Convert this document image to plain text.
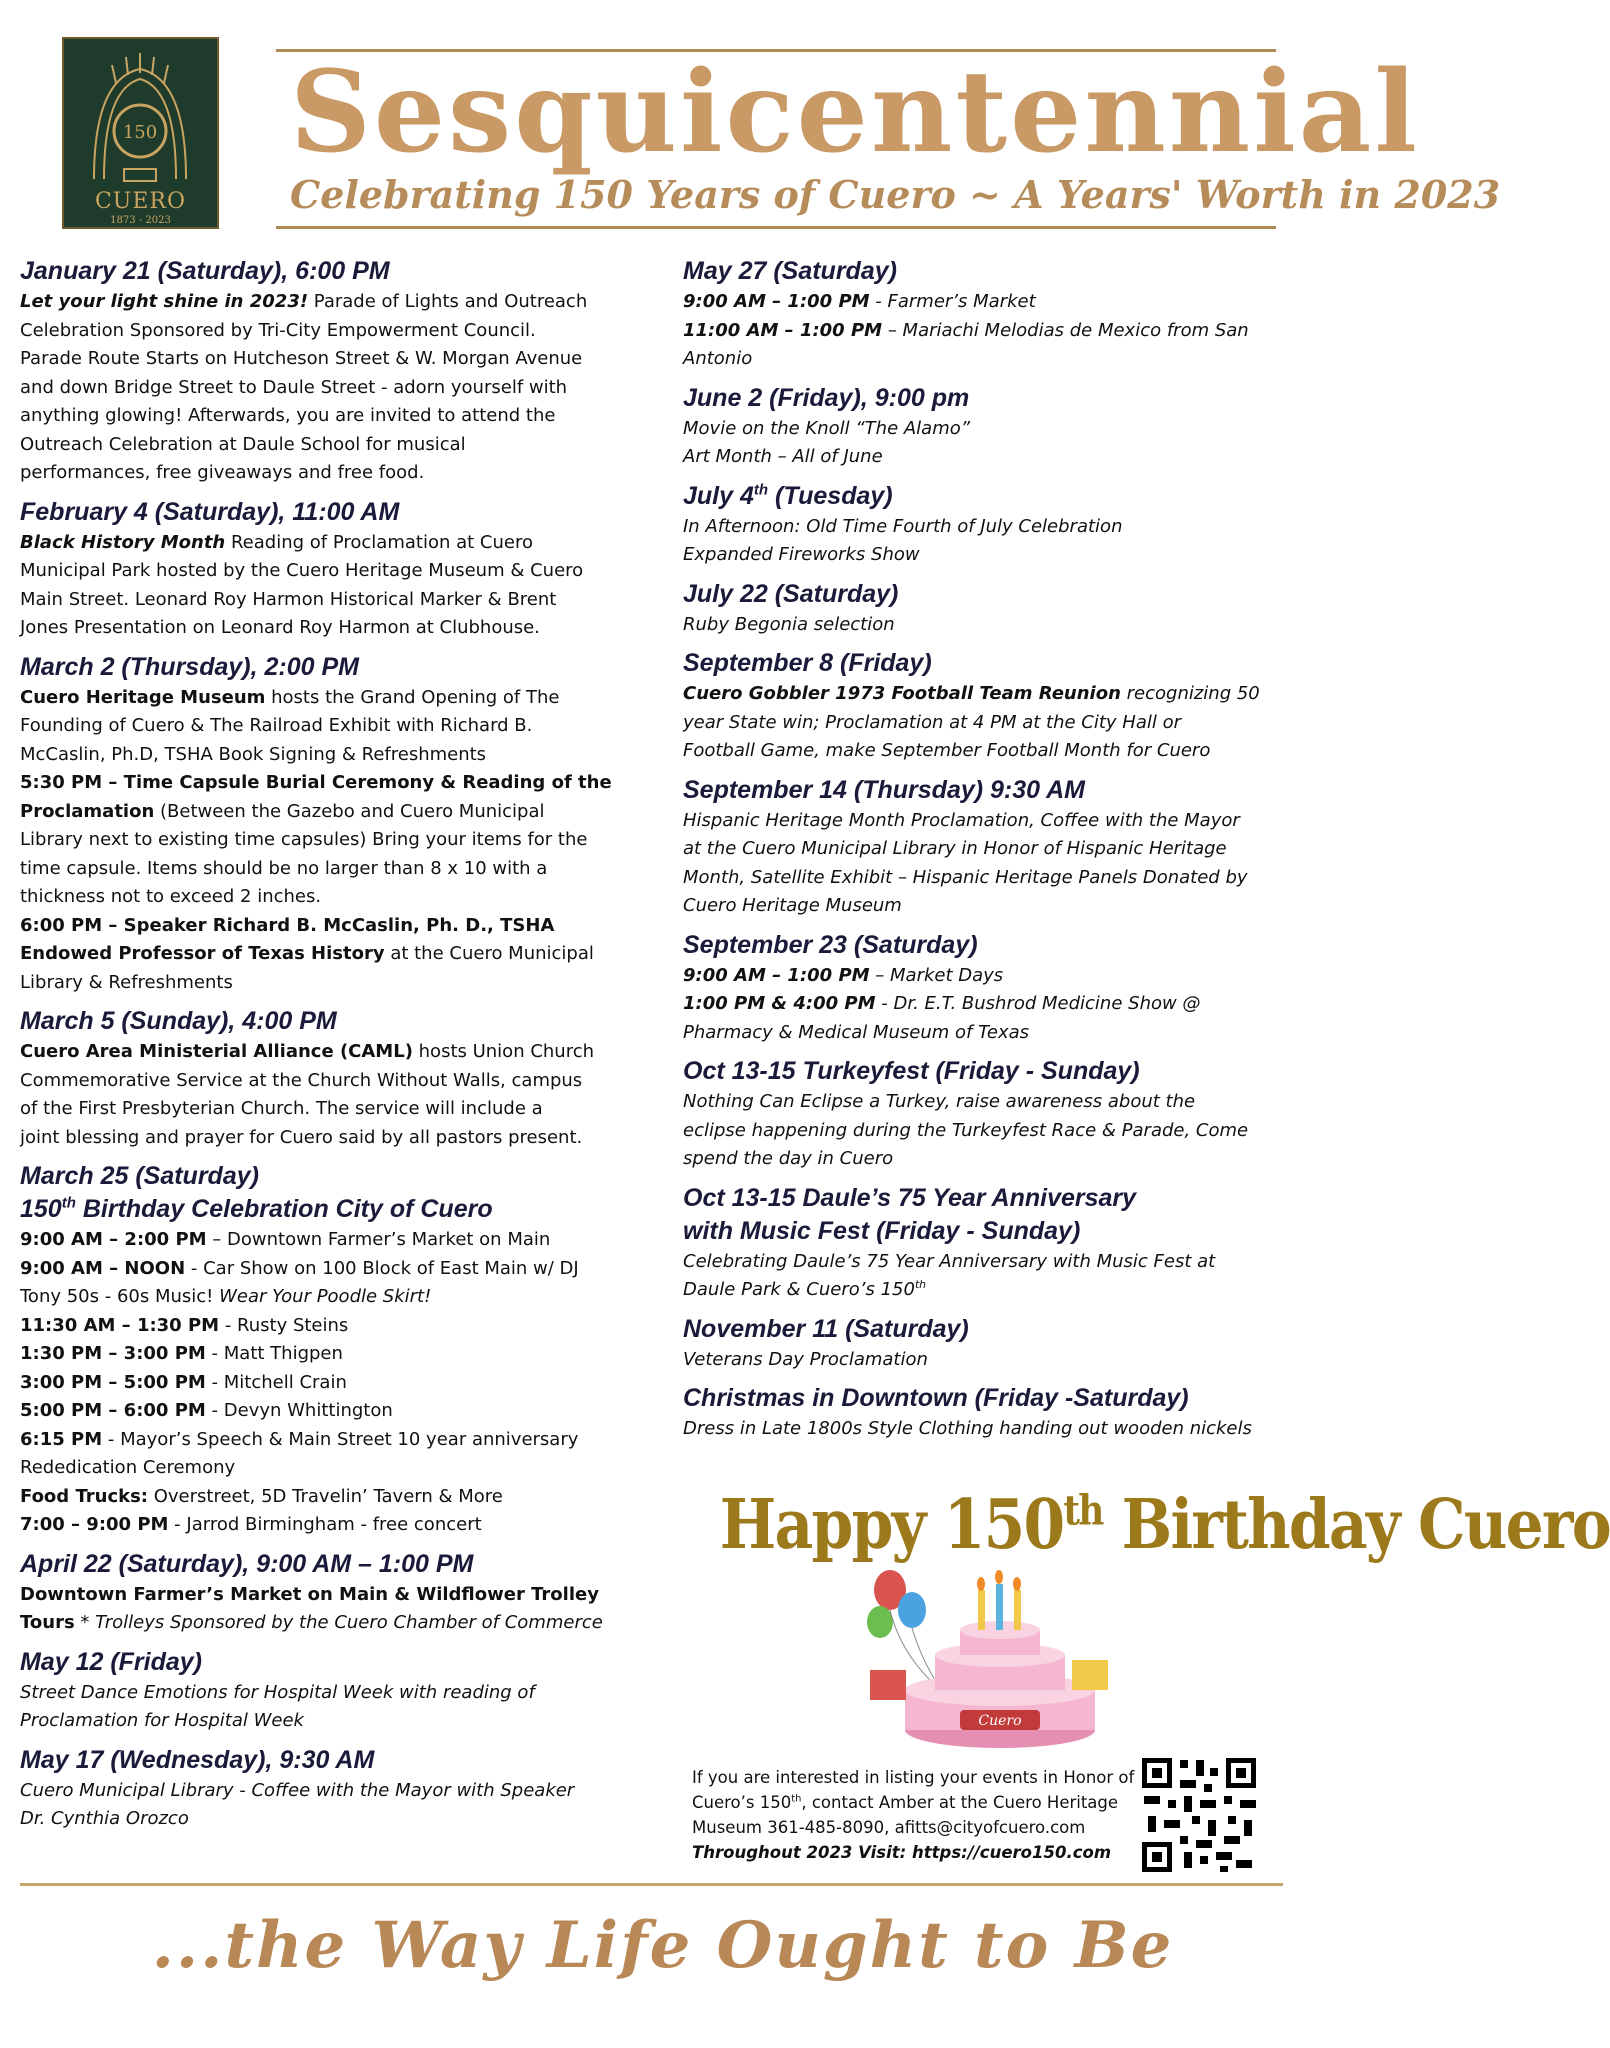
150
CUERO
1873 - 2023
Sesquicentennial
Celebrating 150 Years of Cuero ~ A Years' Worth in 2023
January 21 (Saturday), 6:00 PM
Let your light shine in 2023! Parade of Lights and Outreach
Celebration Sponsored by Tri-City Empowerment Council.
Parade Route Starts on Hutcheson Street & W. Morgan Avenue
and down Bridge Street to Daule Street - adorn yourself with
anything glowing! Afterwards, you are invited to attend the
Outreach Celebration at Daule School for musical
performances, free giveaways and free food.
February 4 (Saturday), 11:00 AM
Black History Month Reading of Proclamation at Cuero
Municipal Park hosted by the Cuero Heritage Museum & Cuero
Main Street. Leonard Roy Harmon Historical Marker & Brent
Jones Presentation on Leonard Roy Harmon at Clubhouse.
March 2 (Thursday), 2:00 PM
Cuero Heritage Museum hosts the Grand Opening of The
Founding of Cuero & The Railroad Exhibit with Richard B.
McCaslin, Ph.D, TSHA Book Signing & Refreshments
5:30 PM – Time Capsule Burial Ceremony & Reading of the
Proclamation (Between the Gazebo and Cuero Municipal
Library next to existing time capsules) Bring your items for the
time capsule. Items should be no larger than 8 x 10 with a
thickness not to exceed 2 inches.
6:00 PM – Speaker Richard B. McCaslin, Ph. D., TSHA
Endowed Professor of Texas History at the Cuero Municipal
Library & Refreshments
March 5 (Sunday), 4:00 PM
Cuero Area Ministerial Alliance (CAML) hosts Union Church
Commemorative Service at the Church Without Walls, campus
of the First Presbyterian Church. The service will include a
joint blessing and prayer for Cuero said by all pastors present.
March 25 (Saturday)
150th Birthday Celebration City of Cuero
9:00 AM – 2:00 PM – Downtown Farmer’s Market on Main
9:00 AM – NOON - Car Show on 100 Block of East Main w/ DJ
Tony 50s - 60s Music! Wear Your Poodle Skirt!
11:30 AM – 1:30 PM - Rusty Steins
1:30 PM – 3:00 PM - Matt Thigpen
3:00 PM – 5:00 PM - Mitchell Crain
5:00 PM – 6:00 PM - Devyn Whittington
6:15 PM - Mayor’s Speech & Main Street 10 year anniversary
Rededication Ceremony
Food Trucks: Overstreet, 5D Travelin’ Tavern & More
7:00 – 9:00 PM - Jarrod Birmingham - free concert
April 22 (Saturday), 9:00 AM – 1:00 PM
Downtown Farmer’s Market on Main & Wildflower Trolley
Tours * Trolleys Sponsored by the Cuero Chamber of Commerce
May 12 (Friday)
Street Dance Emotions for Hospital Week with reading of
Proclamation for Hospital Week
May 17 (Wednesday), 9:30 AM
Cuero Municipal Library - Coffee with the Mayor with Speaker
Dr. Cynthia Orozco
May 27 (Saturday)
9:00 AM – 1:00 PM - Farmer’s Market
11:00 AM – 1:00 PM – Mariachi Melodias de Mexico from San
Antonio
June 2 (Friday), 9:00 pm
Movie on the Knoll “The Alamo”
Art Month – All of June
July 4th (Tuesday)
In Afternoon: Old Time Fourth of July Celebration
Expanded Fireworks Show
July 22 (Saturday)
Ruby Begonia selection
September 8 (Friday)
Cuero Gobbler 1973 Football Team Reunion recognizing 50
year State win; Proclamation at 4 PM at the City Hall or
Football Game, make September Football Month for Cuero
September 14 (Thursday) 9:30 AM
Hispanic Heritage Month Proclamation, Coffee with the Mayor
at the Cuero Municipal Library in Honor of Hispanic Heritage
Month, Satellite Exhibit – Hispanic Heritage Panels Donated by
Cuero Heritage Museum
September 23 (Saturday)
9:00 AM – 1:00 PM – Market Days
1:00 PM & 4:00 PM - Dr. E.T. Bushrod Medicine Show @
Pharmacy & Medical Museum of Texas
Oct 13-15 Turkeyfest (Friday - Sunday)
Nothing Can Eclipse a Turkey, raise awareness about the
eclipse happening during the Turkeyfest Race & Parade, Come
spend the day in Cuero
Oct 13-15 Daule’s 75 Year Anniversary
with Music Fest (Friday - Sunday)
Celebrating Daule’s 75 Year Anniversary with Music Fest at
Daule Park & Cuero’s 150th
November 11 (Saturday)
Veterans Day Proclamation
Christmas in Downtown (Friday -Saturday)
Dress in Late 1800s Style Clothing handing out wooden nickels
Happy 150th Birthday Cuero
Cuero
If you are interested in listing your events in Honor of
Cuero’s 150th, contact Amber at the Cuero Heritage
Museum 361-485-8090, afitts@cityofcuero.com
Throughout 2023 Visit: https://cuero150.com
...the Way Life Ought to Be
